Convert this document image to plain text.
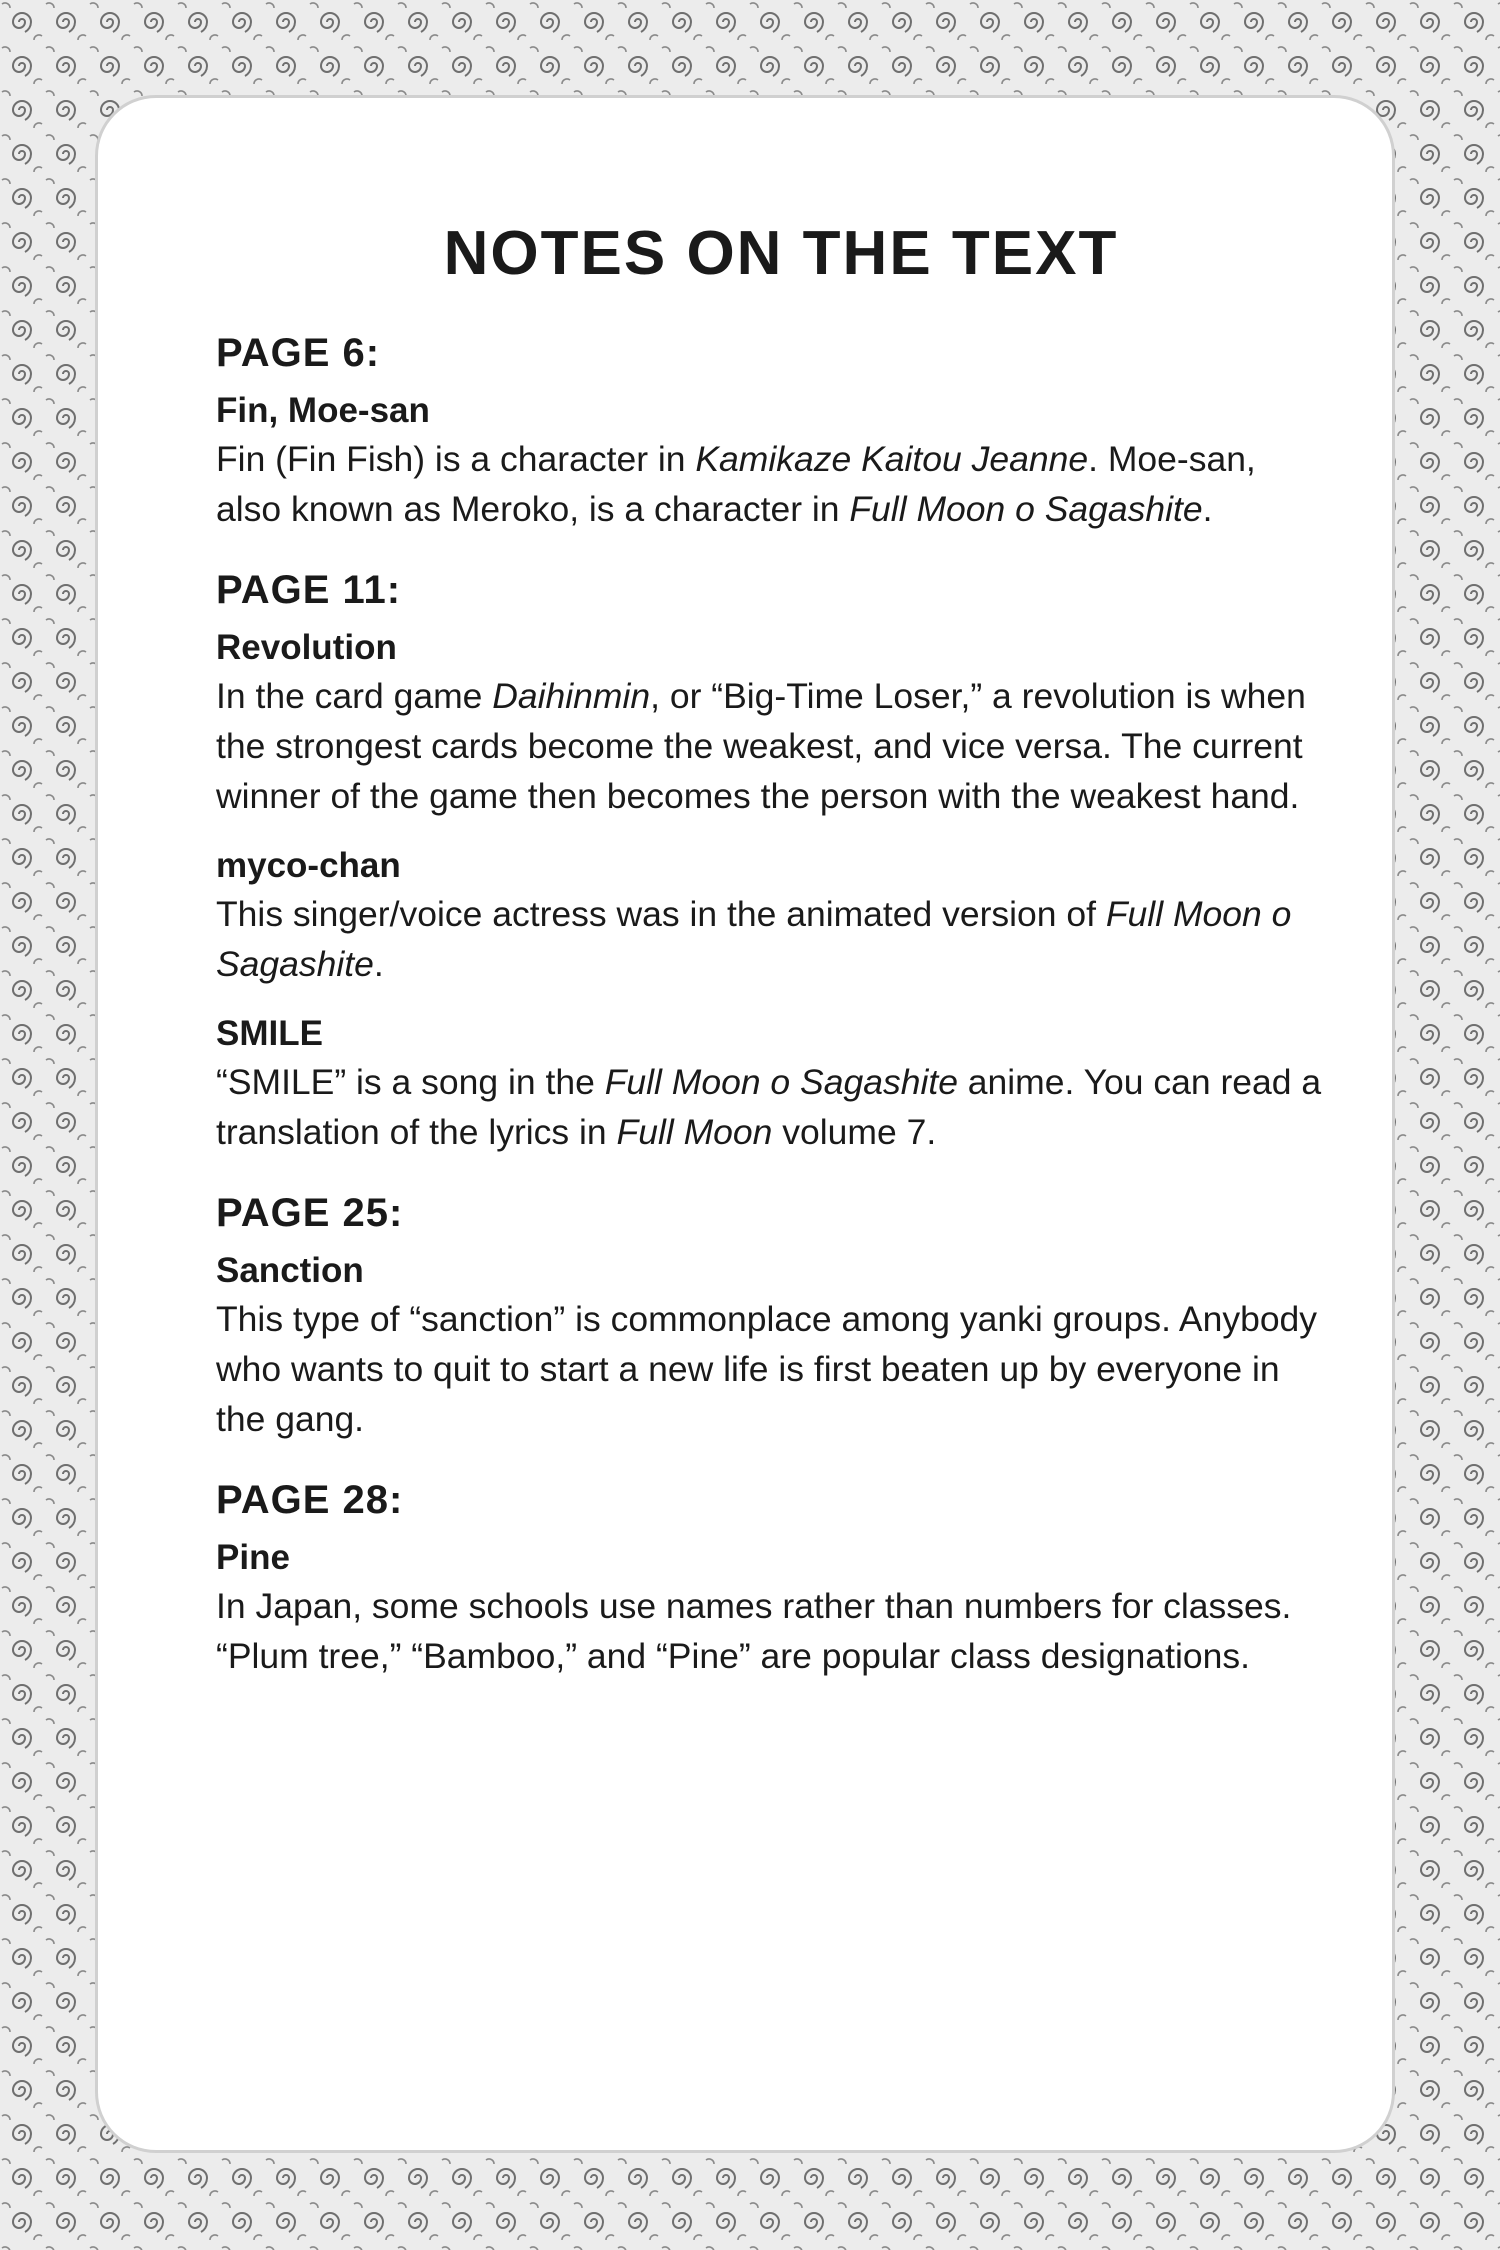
NOTES ON THE TEXT
PAGE 6:
Fin, Moe-san
Fin (Fin Fish) is a character in Kamikaze Kaitou Jeanne. Moe-san, also known as Meroko, is a character in Full Moon o Sagashite.
PAGE 11:
Revolution
In the card game Daihinmin, or “Big-Time Loser,” a revolution is when the strongest cards become the weakest, and vice versa. The current winner of the game then becomes the person with the weakest hand.
myco-chan
This singer/voice actress was in the animated version of Full Moon o Sagashite.
SMILE
“SMILE” is a song in the Full Moon o Sagashite anime. You can read a translation of the lyrics in Full Moon volume 7.
PAGE 25:
Sanction
This type of “sanction” is commonplace among yanki groups. Anybody who wants to quit to start a new life is first beaten up by everyone in the gang.
PAGE 28:
Pine
In Japan, some schools use names rather than numbers for classes. “Plum tree,” “Bamboo,” and “Pine” are popular class designations.
